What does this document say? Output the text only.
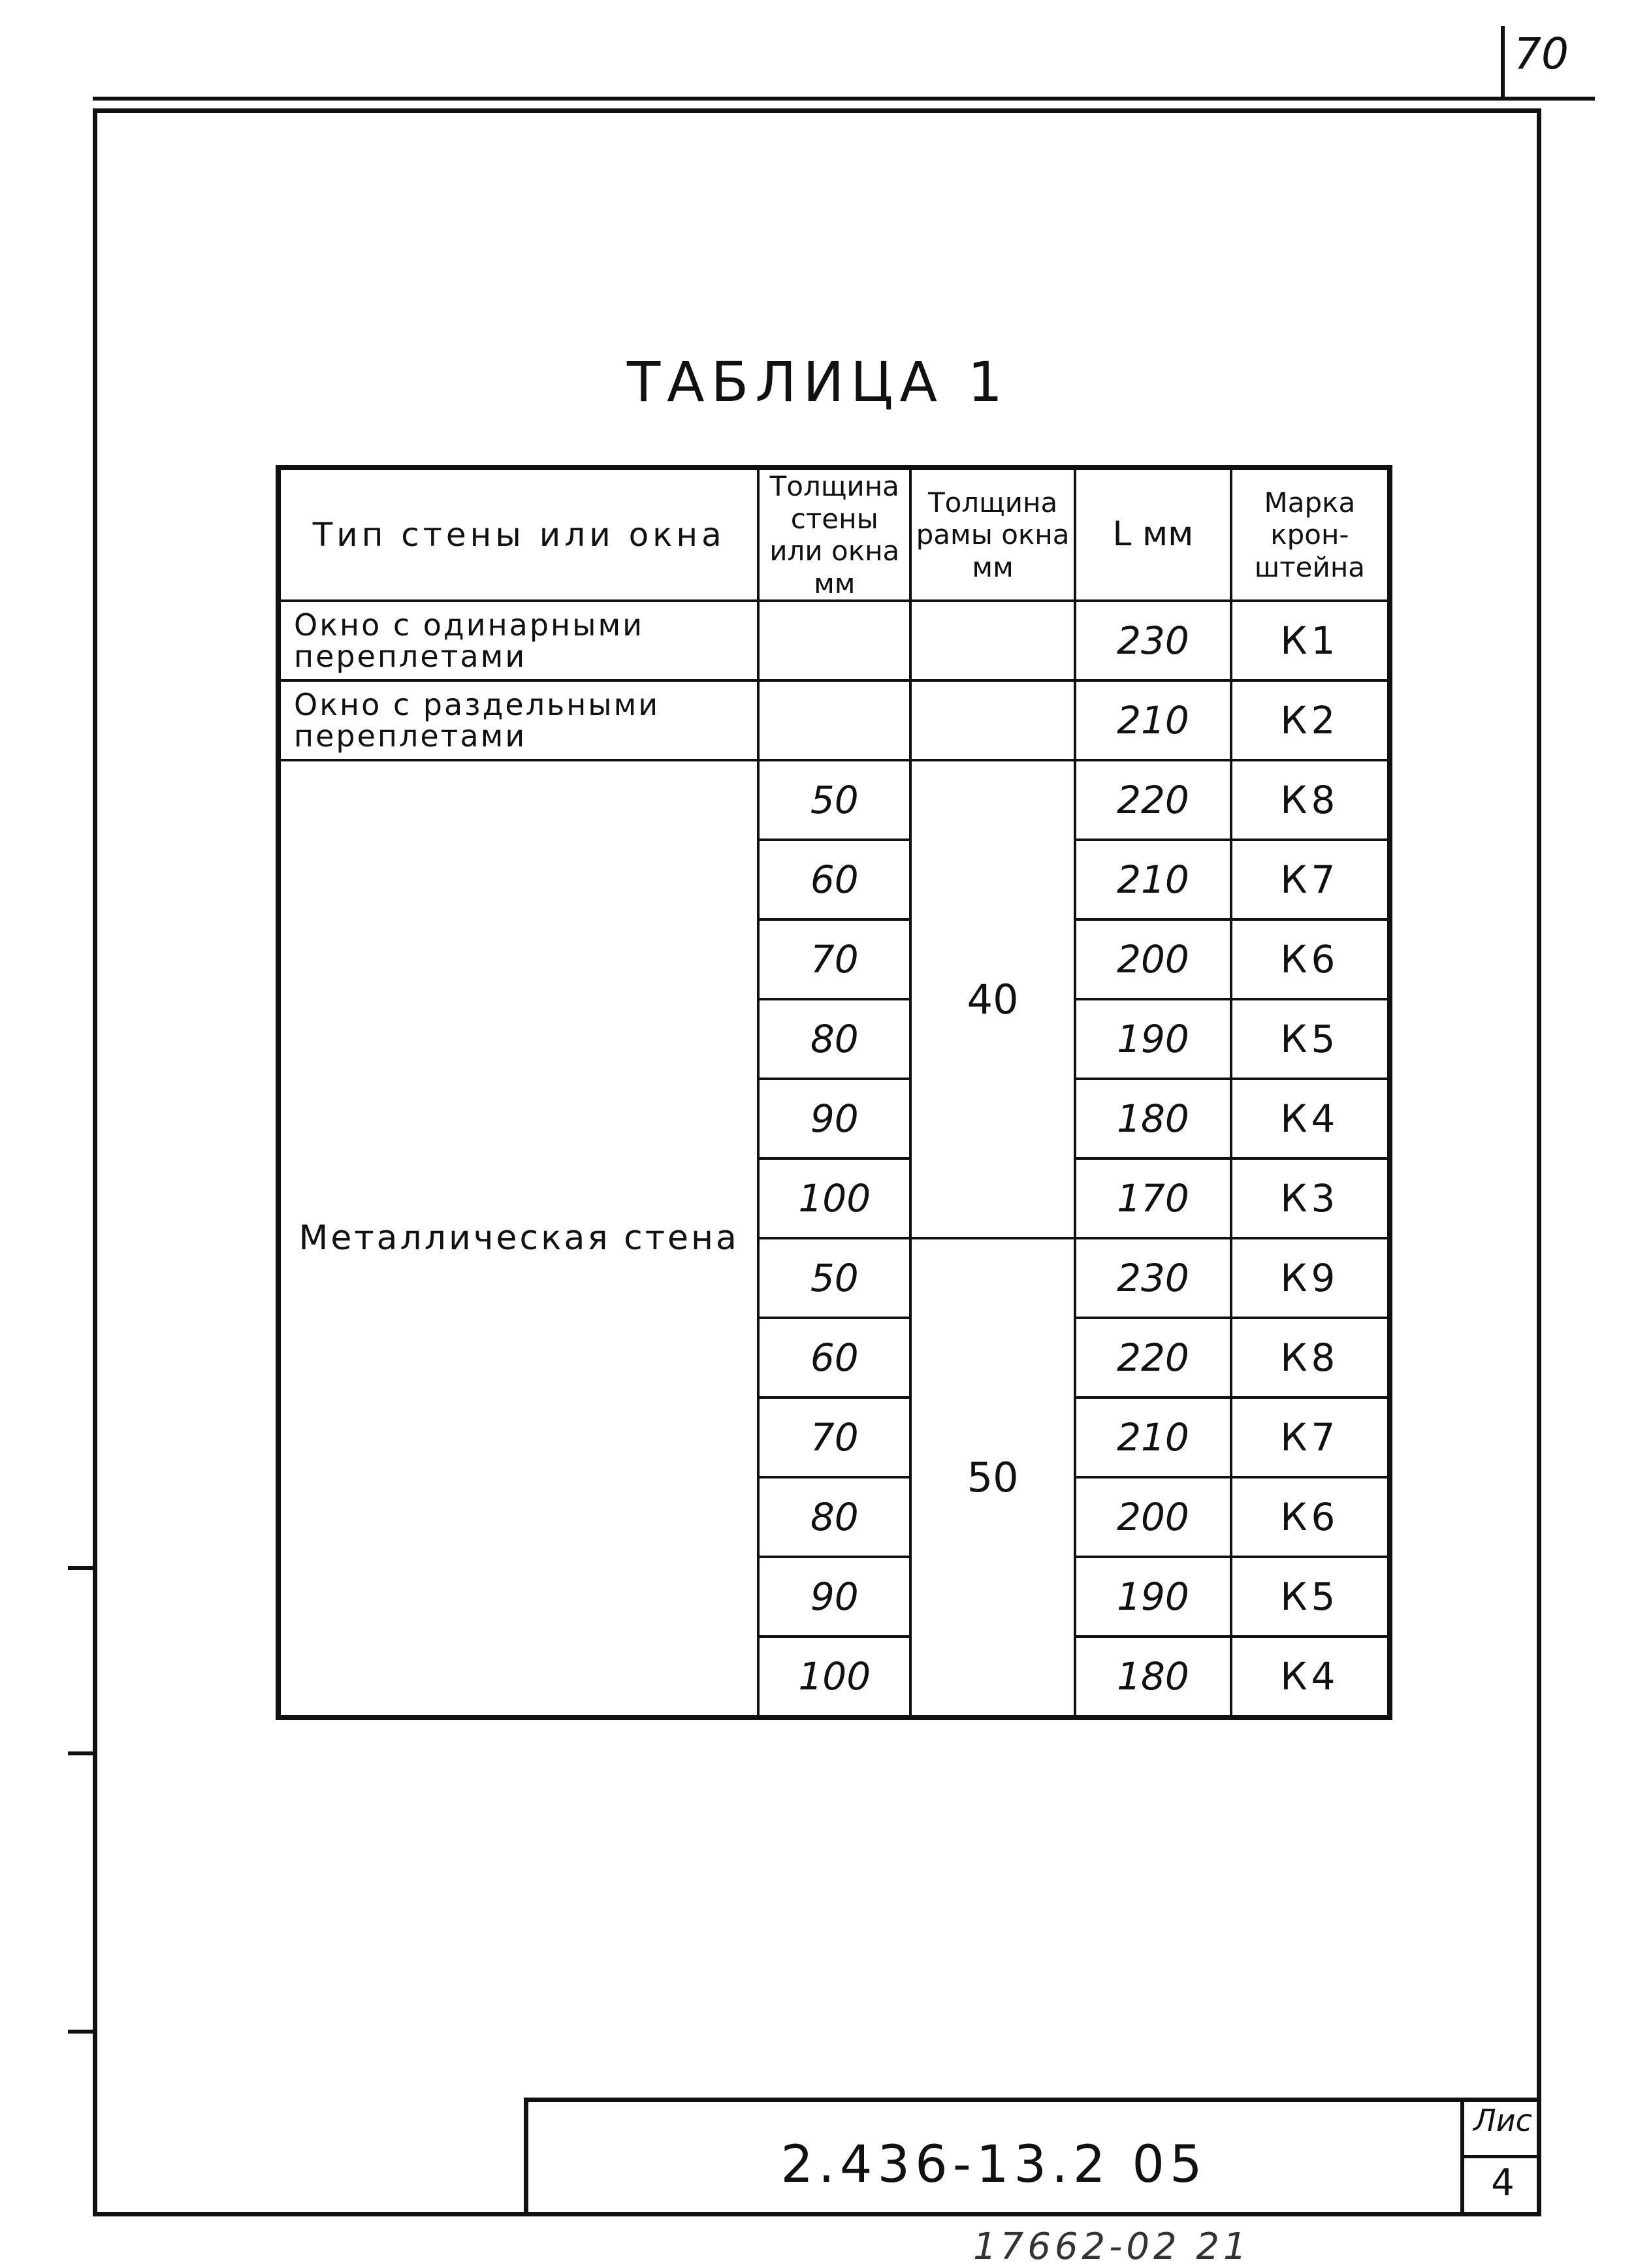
70
ТАБЛИЦА 1
Тип стены или окна	Толщина стены или окна мм	Толщина рамы окна мм	L мм	Марка крон-штейна
Окно с одинарными переплетами			230	К1
Окно с раздельными переплетами			210	К2
Металлическая стена	50	40	220	К8
	60		210	К7
	70		200	К6
	80		190	К5
	90		180	К4
	100		170	К3
	50	50	230	К9
	60		220	К8
	70		210	К7
	80		200	К6
	90		190	К5
	100		180	К4
2.436-13.2 05
Лис
4
17662-02 21
